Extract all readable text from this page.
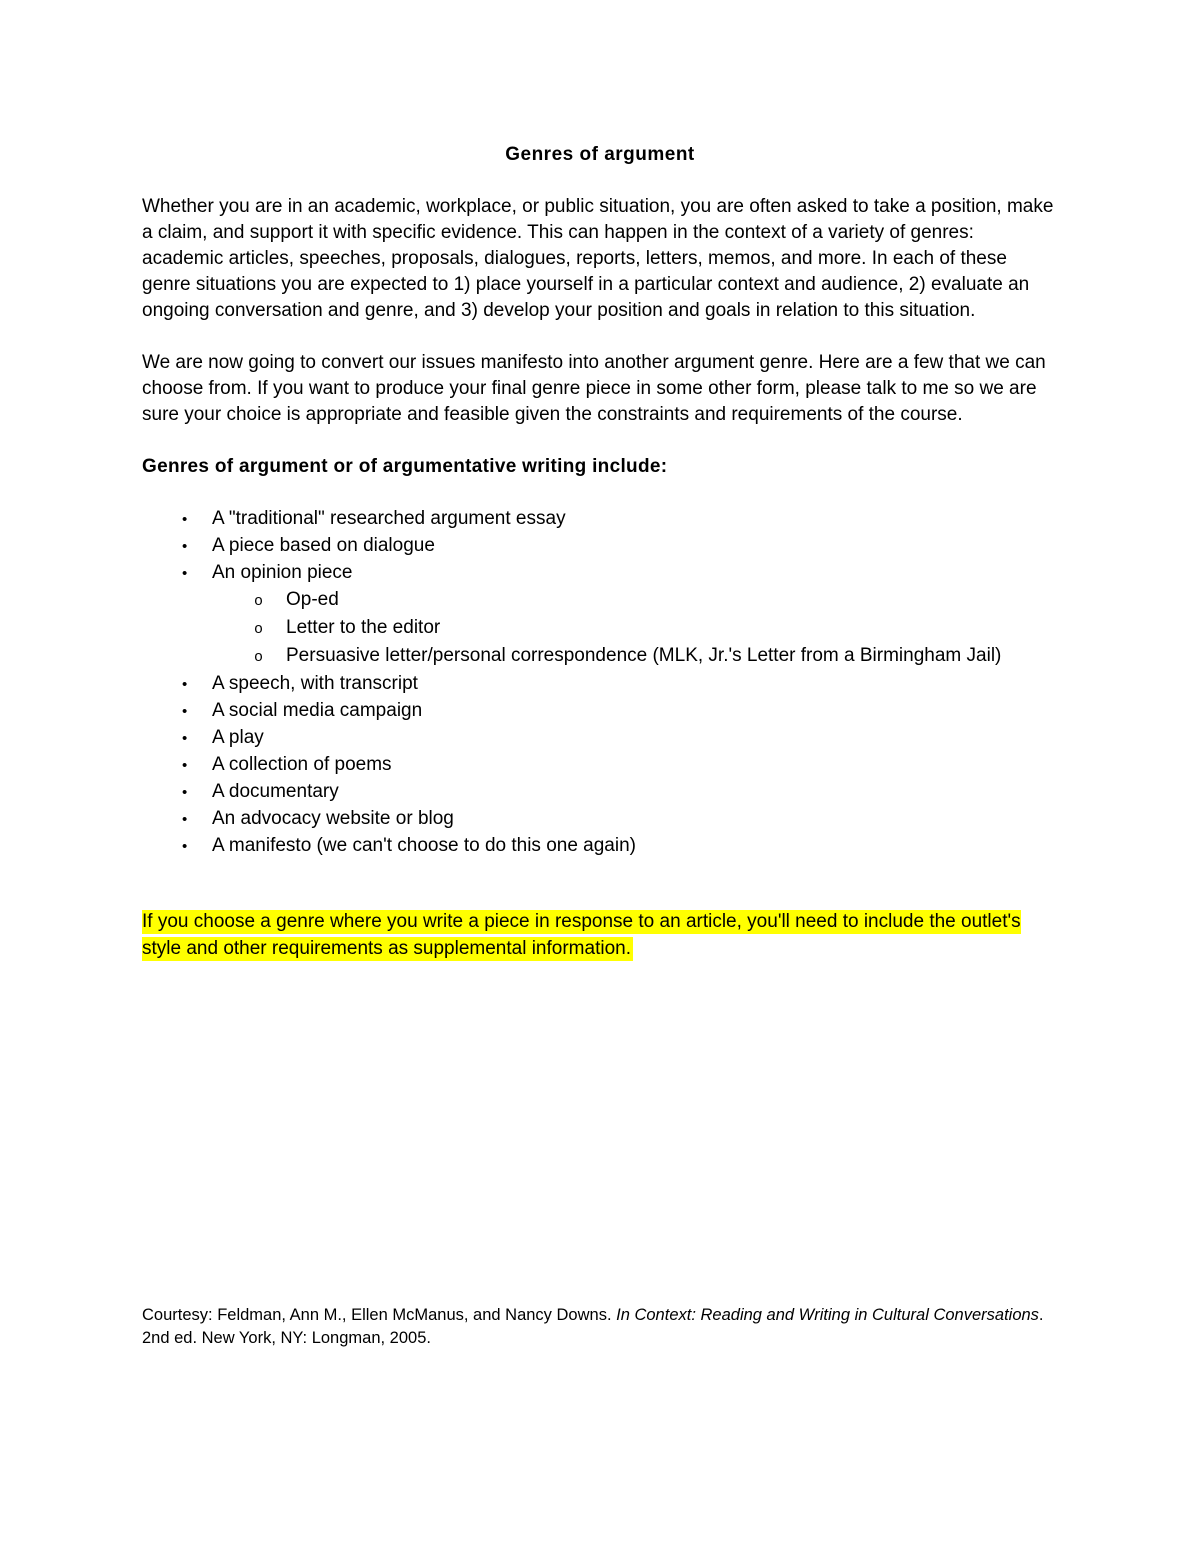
Genres of argument

Whether you are in an academic, workplace, or public situation, you are often asked to take a position, make a claim, and support it with specific evidence. This can happen in the context of a variety of genres: academic articles, speeches, proposals, dialogues, reports, letters, memos, and more. In each of these genre situations you are expected to 1) place yourself in a particular context and audience, 2) evaluate an ongoing conversation and genre, and 3) develop your position and goals in relation to this situation.

We are now going to convert our issues manifesto into another argument genre. Here are a few that we can choose from. If you want to produce your final genre piece in some other form, please talk to me so we are sure your choice is appropriate and feasible given the constraints and requirements of the course.

Genres of argument or of argumentative writing include:

•	A "traditional" researched argument essay
•	A piece based on dialogue
•	An opinion piece
o	Op-ed
o	Letter to the editor
o	Persuasive letter/personal correspondence (MLK, Jr.'s Letter from a Birmingham Jail)
•	A speech, with transcript
•	A social media campaign
•	A play
•	A collection of poems
•	A documentary
•	An advocacy website or blog
•	A manifesto (we can't choose to do this one again)

If you choose a genre where you write a piece in response to an article, you'll need to include the outlet's style and other requirements as supplemental information.

Courtesy: Feldman, Ann M., Ellen McManus, and Nancy Downs. In Context: Reading and Writing in Cultural Conversations. 2nd ed. New York, NY: Longman, 2005.
